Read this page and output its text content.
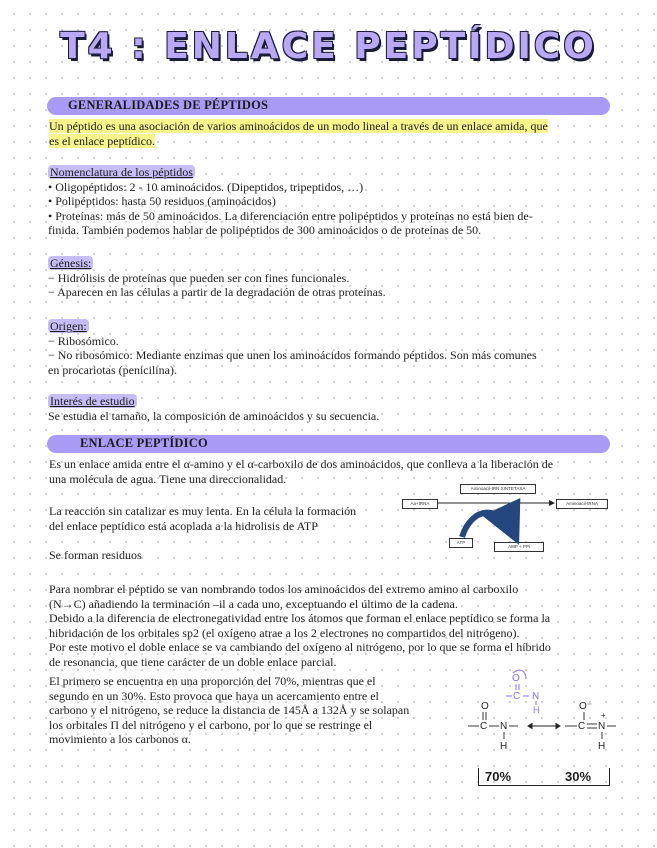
T4 : ENLACE PEPTÍDICO
GENERALIDADES DE PÉPTIDOS
Un péptido es una asociación de varios aminoácidos de un modo lineal a través de un enlace amida, que
es el enlace peptídico.
Nomenclatura de los péptidos
• Oligopéptidos: 2 - 10 aminoácidos. (Dipeptidos, tripeptidos, …)
• Polipéptidos: hasta 50 residuos (aminoácidos)
• Proteínas: más de 50 aminoácidos. La diferenciación entre polipéptidos y proteínas no está bien de-
finida. También podemos hablar de polipéptidos de 300 aminoácidos o de proteínas de 50.
Génesis:
− Hidrólisis de proteínas que pueden ser con fines funcionales.
− Aparecen en las células a partir de la degradación de otras proteínas.
Origen:
− Ribosómico.
− No ribosómico: Mediante enzimas que unen los aminoácidos formando péptidos. Son más comunes
en procariotas (penicilina).
Interés de estudio
Se estudia el tamaño, la composición de aminoácidos y su secuencia.
ENLACE PEPTÍDICO
Es un enlace amida entre el α-amino y el α-carboxilo de dos aminoácidos, que conlleva a la liberación de
una molécula de agua. Tiene una direccionalidad.
La reacción sin catalizar es muy lenta. En la célula la formación
del enlace peptídico está acoplada a la hidrolisis de ATP
Se forman residuos
Aminoacil-tRN SINTETASA
Aa+tRNA	Aminoacil-tRNA
ATP
AMP + PPi
Para nombrar el péptido se van nombrando todos los aminoácidos del extremo amino al carboxilo
(N→C) añadiendo la terminación –il a cada uno, exceptuando el último de la cadena.
Debido a la diferencia de electronegatividad entre los átomos que forman el enlace peptídico se forma la
hibridación de los orbitales sp2 (el oxígeno atrae a los 2 electrones no compartidos del nitrógeno).
Por este motivo el doble enlace se va cambiando del oxígeno al nitrógeno, por lo que se forma el híbrido
de resonancia, que tiene carácter de un doble enlace parcial.
El primero se encuentra en una proporción del 70%, mientras que el
segundo en un 30%. Esto provoca que haya un acercamiento entre el
carbono y el nitrógeno, se reduce la distancia de 145Å a 132Å y se solapan
los orbitales Π del nitrógeno y el carbono, por lo que se restringe el
movimiento a los carbonos α.
O
C N
H
O
C N
H
O⁻
C N
+
H
70%	30%
